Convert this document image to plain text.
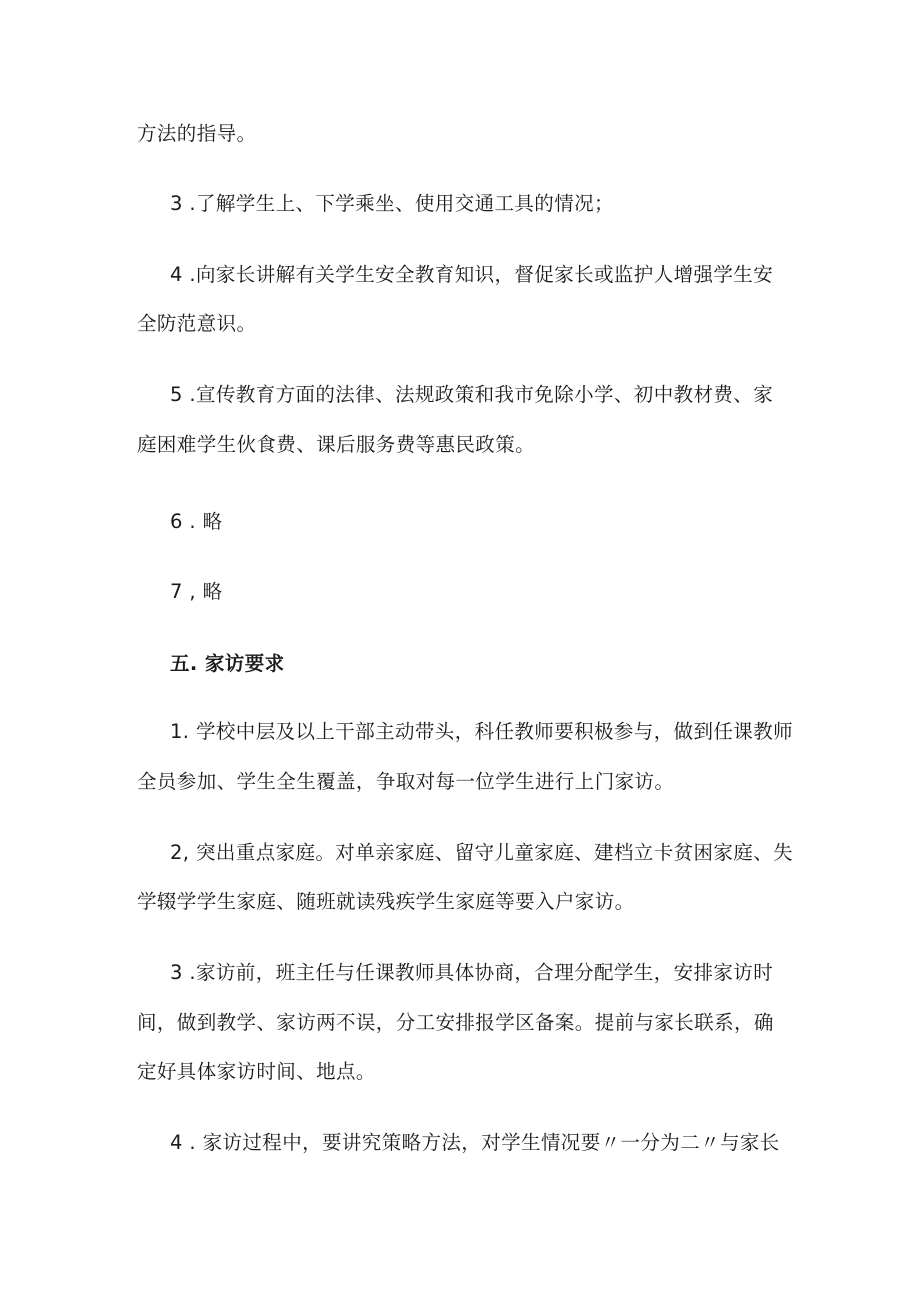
方法的指导。

3 .了解学生上、下学乘坐、使用交通工具的情况；

4 .向家长讲解有关学生安全教育知识，督促家长或监护人增强学生安

全防范意识。

5 .宣传教育方面的法律、法规政策和我市免除小学、初中教材费、家

庭困难学生伙食费、课后服务费等惠民政策。

6 . 略

7 , 略

五. 家访要求

1. 学校中层及以上干部主动带头，科任教师要积极参与，做到任课教师

全员参加、学生全生覆盖，争取对每一位学生进行上门家访。

2, 突出重点家庭。对单亲家庭、留守儿童家庭、建档立卡贫困家庭、失

学辍学学生家庭、随班就读残疾学生家庭等要入户家访。

3 .家访前，班主任与任课教师具体协商，合理分配学生，安排家访时

间，做到教学、家访两不误，分工安排报学区备案。提前与家长联系，确

定好具体家访时间、地点。

4 . 家访过程中，要讲究策略方法，对学生情况要〃一分为二〃与家长
